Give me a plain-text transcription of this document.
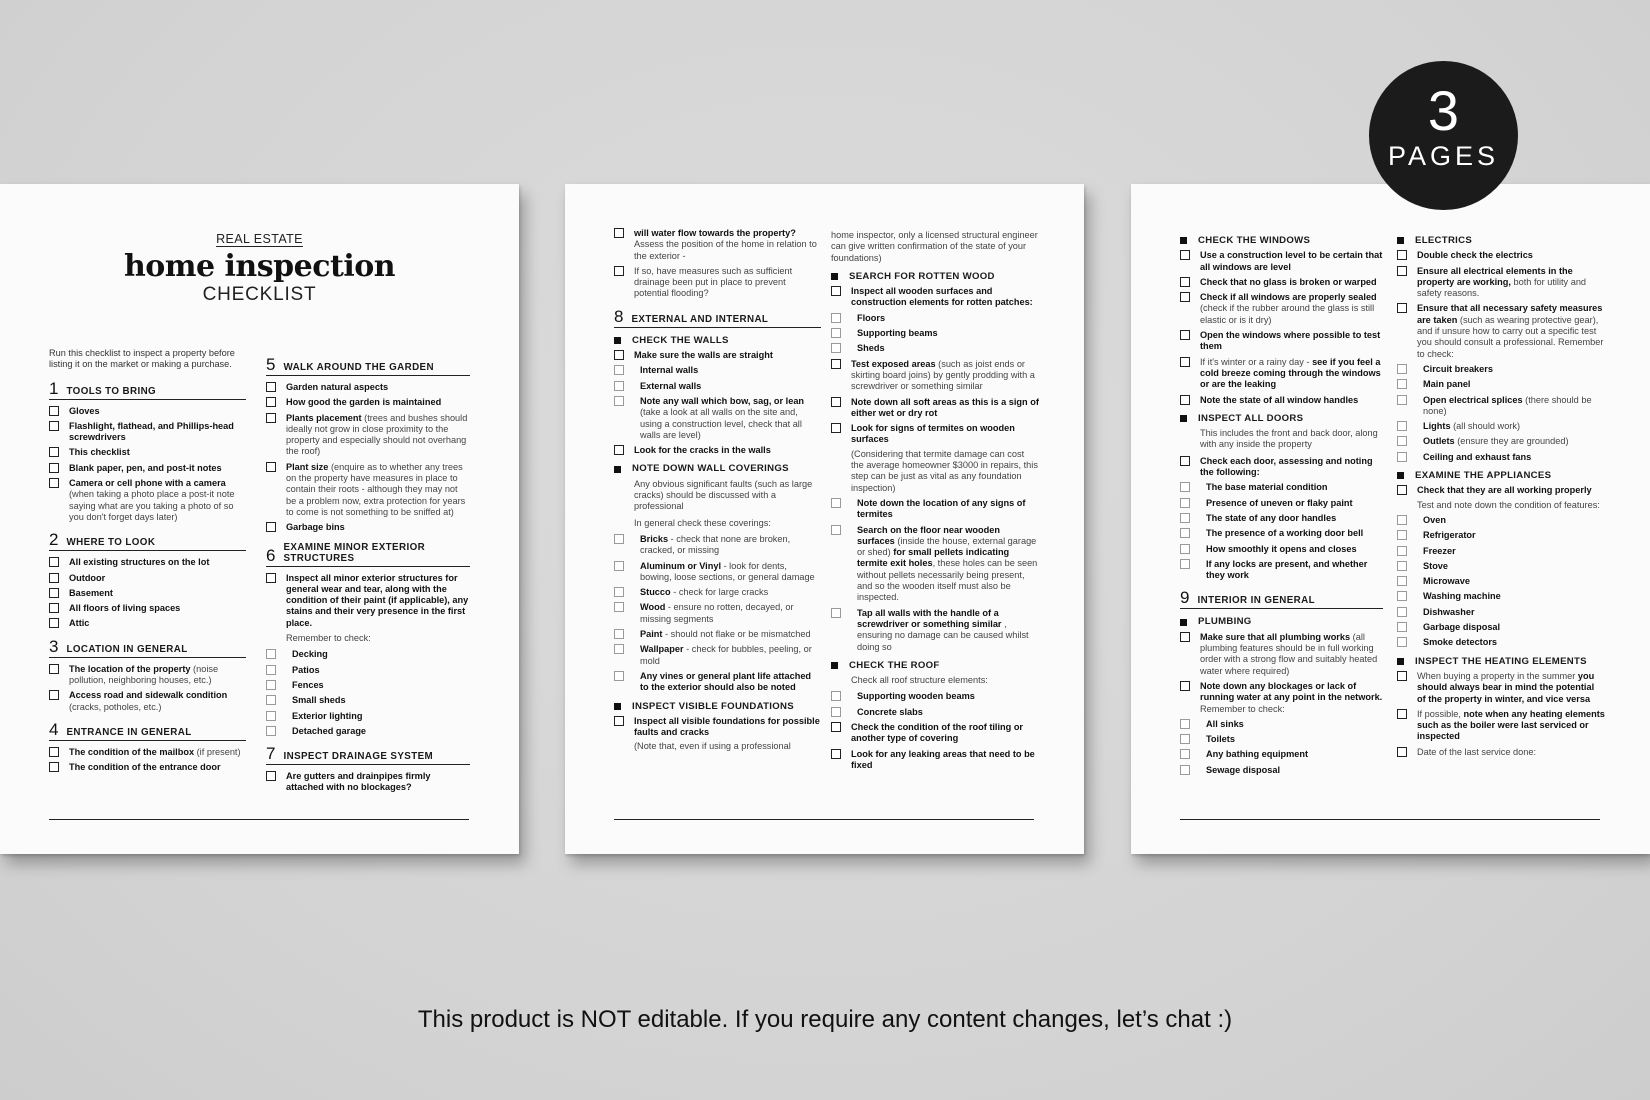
REAL ESTATE
home inspection
CHECKLIST
Run this checklist to inspect a property before listing it on the market or making a purchase.
1 TOOLS TO BRING
Gloves
Flashlight, flathead, and Phillips-head screwdrivers
This checklist
Blank paper, pen, and post-it notes
Camera or cell phone with a camera (when taking a photo place a post-it note saying what are you taking a photo of so you don't forget days later)
2 WHERE TO LOOK
All existing structures on the lot
Outdoor
Basement
All floors of living spaces
Attic
3 LOCATION IN GENERAL
The location of the property (noise pollution, neighboring houses, etc.)
Access road and sidewalk condition (cracks, potholes, etc.)
4 ENTRANCE IN GENERAL
The condition of the mailbox (if present)
The condition of the entrance door
5 WALK AROUND THE GARDEN
Garden natural aspects
How good the garden is maintained
Plants placement (trees and bushes should ideally not grow in close proximity to the property and especially should not overhang the roof)
Plant size (enquire as to whether any trees on the property have measures in place to contain their roots - although they may not be a problem now, extra protection for years to come is not something to be sniffed at)
Garbage bins
6 EXAMINE MINOR EXTERIOR STRUCTURES
Inspect all minor exterior structures for general wear and tear, along with the condition of their paint (if applicable), any stains and their very presence in the first place.
Remember to check:
Decking
Patios
Fences
Small sheds
Exterior lighting
Detached garage
7 INSPECT DRAINAGE SYSTEM
Are gutters and drainpipes firmly attached with no blockages?
will water flow towards the property? Assess the position of the home in relation to the exterior -
If so, have measures such as sufficient drainage been put in place to prevent potential flooding?
8 EXTERNAL AND INTERNAL
CHECK THE WALLS
Make sure the walls are straight
Internal walls
External walls
Note any wall which bow, sag, or lean (take a look at all walls on the site and, using a construction level, check that all walls are level)
Look for the cracks in the walls
NOTE DOWN WALL COVERINGS
Any obvious significant faults (such as large cracks) should be discussed with a professional
In general check these coverings:
Bricks - check that none are broken, cracked, or missing
Aluminum or Vinyl - look for dents, bowing, loose sections, or general damage
Stucco - check for large cracks
Wood - ensure no rotten, decayed, or missing segments
Paint - should not flake or be mismatched
Wallpaper - check for bubbles, peeling, or mold
Any vines or general plant life attached to the exterior should also be noted
INSPECT VISIBLE FOUNDATIONS
Inspect all visible foundations for possible faults and cracks
(Note that, even if using a professional
home inspector, only a licensed structural engineer can give written confirmation of the state of your foundations)
SEARCH FOR ROTTEN WOOD
Inspect all wooden surfaces and construction elements for rotten patches:
Floors
Supporting beams
Sheds
Test exposed areas (such as joist ends or skirting board joins) by gently prodding with a screwdriver or something similar
Note down all soft areas as this is a sign of either wet or dry rot
Look for signs of termites on wooden surfaces
(Considering that termite damage can cost the average homeowner $3000 in repairs, this step can be just as vital as any foundation inspection)
Note down the location of any signs of termites
Search on the floor near wooden surfaces (inside the house, external garage or shed) for small pellets indicating termite exit holes, these holes can be seen without pellets necessarily being present, and so the wooden itself must also be inspected.
Tap all walls with the handle of a screwdriver or something similar , ensuring no damage can be caused whilst doing so
CHECK THE ROOF
Check all roof structure elements:
Supporting wooden beams
Concrete slabs
Check the condition of the roof tiling or another type of covering
Look for any leaking areas that need to be fixed
CHECK THE WINDOWS
Use a construction level to be certain that all windows are level
Check that no glass is broken or warped
Check if all windows are properly sealed (check if the rubber around the glass is still elastic or is it dry)
Open the windows where possible to test them
If it's winter or a rainy day - see if you feel a cold breeze coming through the windows or are the leaking
Note the state of all window handles
INSPECT ALL DOORS
This includes the front and back door, along with any inside the property
Check each door, assessing and noting the following:
The base material condition
Presence of uneven or flaky paint
The state of any door handles
The presence of a working door bell
How smoothly it opens and closes
If any locks are present, and whether they work
9 INTERIOR IN GENERAL
PLUMBING
Make sure that all plumbing works (all plumbing features should be in full working order with a strong flow and suitably heated water where required)
Note down any blockages or lack of running water at any point in the network. Remember to check:
All sinks
Toilets
Any bathing equipment
Sewage disposal
ELECTRICS
Double check the electrics
Ensure all electrical elements in the property are working, both for utility and safety reasons.
Ensure that all necessary safety measures are taken (such as wearing protective gear), and if unsure how to carry out a specific test you should consult a professional. Remember to check:
Circuit breakers
Main panel
Open electrical splices (there should be none)
Lights (all should work)
Outlets (ensure they are grounded)
Ceiling and exhaust fans
EXAMINE THE APPLIANCES
Check that they are all working properly
Test and note down the condition of features:
Oven
Refrigerator
Freezer
Stove
Microwave
Washing machine
Dishwasher
Garbage disposal
Smoke detectors
INSPECT THE HEATING ELEMENTS
When buying a property in the summer you should always bear in mind the potential of the property in winter, and vice versa
If possible, note when any heating elements such as the boiler were last serviced or inspected
Date of the last service done:
3
PAGES
This product is NOT editable. If you require any content changes, let’s chat :)
